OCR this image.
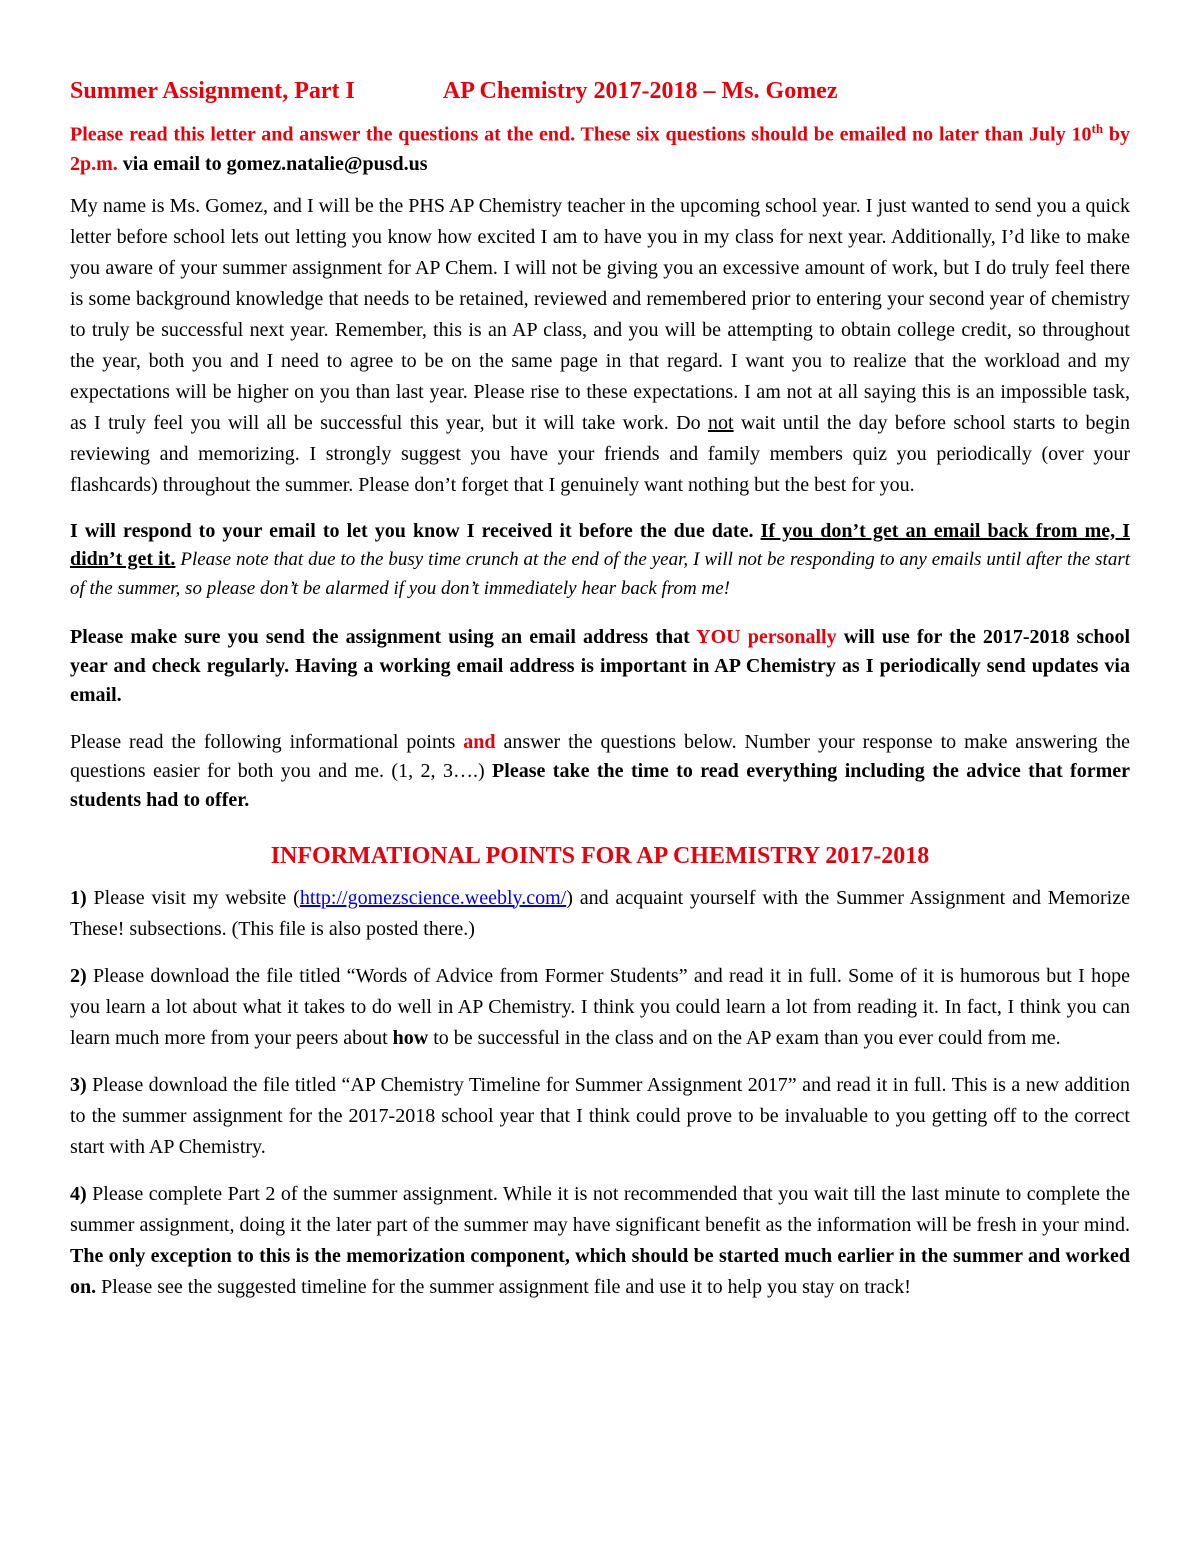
Summer Assignment, Part I	AP Chemistry 2017-2018 – Ms. Gomez

Please read this letter and answer the questions at the end. These six questions should be emailed no later than July 10th by 2p.m. via email to gomez.natalie@pusd.us

My name is Ms. Gomez, and I will be the PHS AP Chemistry teacher in the upcoming school year. I just wanted to send you a quick letter before school lets out letting you know how excited I am to have you in my class for next year. Additionally, I’d like to make you aware of your summer assignment for AP Chem. I will not be giving you an excessive amount of work, but I do truly feel there is some background knowledge that needs to be retained, reviewed and remembered prior to entering your second year of chemistry to truly be successful next year. Remember, this is an AP class, and you will be attempting to obtain college credit, so throughout the year, both you and I need to agree to be on the same page in that regard. I want you to realize that the workload and my expectations will be higher on you than last year. Please rise to these expectations. I am not at all saying this is an impossible task, as I truly feel you will all be successful this year, but it will take work. Do not wait until the day before school starts to begin reviewing and memorizing. I strongly suggest you have your friends and family members quiz you periodically (over your flashcards) throughout the summer. Please don’t forget that I genuinely want nothing but the best for you.

I will respond to your email to let you know I received it before the due date. If you don’t get an email back from me, I didn’t get it. Please note that due to the busy time crunch at the end of the year, I will not be responding to any emails until after the start of the summer, so please don’t be alarmed if you don’t immediately hear back from me!

Please make sure you send the assignment using an email address that YOU personally will use for the 2017-2018 school year and check regularly. Having a working email address is important in AP Chemistry as I periodically send updates via email.

Please read the following informational points and answer the questions below. Number your response to make answering the questions easier for both you and me. (1, 2, 3….) Please take the time to read everything including the advice that former students had to offer.

INFORMATIONAL POINTS FOR AP CHEMISTRY 2017-2018

1) Please visit my website (http://gomezscience.weebly.com/) and acquaint yourself with the Summer Assignment and Memorize These! subsections. (This file is also posted there.)

2) Please download the file titled “Words of Advice from Former Students” and read it in full. Some of it is humorous but I hope you learn a lot about what it takes to do well in AP Chemistry. I think you could learn a lot from reading it. In fact, I think you can learn much more from your peers about how to be successful in the class and on the AP exam than you ever could from me.

3) Please download the file titled “AP Chemistry Timeline for Summer Assignment 2017” and read it in full. This is a new addition to the summer assignment for the 2017-2018 school year that I think could prove to be invaluable to you getting off to the correct start with AP Chemistry.

4) Please complete Part 2 of the summer assignment. While it is not recommended that you wait till the last minute to complete the summer assignment, doing it the later part of the summer may have significant benefit as the information will be fresh in your mind. The only exception to this is the memorization component, which should be started much earlier in the summer and worked on. Please see the suggested timeline for the summer assignment file and use it to help you stay on track!
